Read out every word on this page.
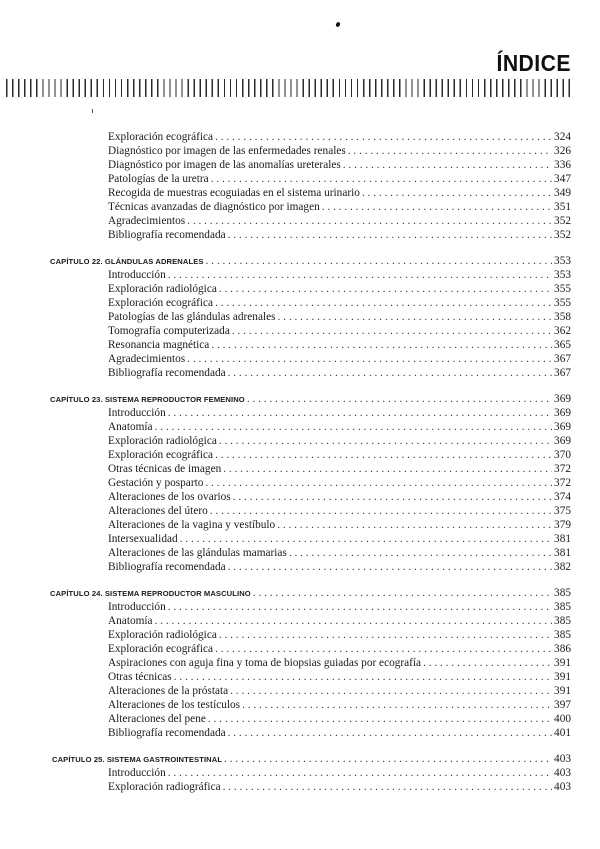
ÍNDICE
Exploración ecográfica . . .	324
Diagnóstico por imagen de las enfermedades renales . . .	326
Diagnóstico por imagen de las anomalías ureterales . . .	336
Patologías de la uretra . . .	347
Recogida de muestras ecoguiadas en el sistema urinario . . .	349
Técnicas avanzadas de diagnóstico por imagen . . .	351
Agradecimientos . . .	352
Bibliografía recomendada . . .	352
CAPÍTULO 22. GLÁNDULAS ADRENALES . . .	353
Introducción . . .	353
Exploración radiológica . . .	355
Exploración ecográfica . . .	355
Patologías de las glándulas adrenales . . .	358
Tomografía computerizada . . .	362
Resonancia magnética . . .	365
Agradecimientos . . .	367
Bibliografía recomendada . . .	367
CAPÍTULO 23. SISTEMA REPRODUCTOR FEMENINO . . .	369
Introducción . . .	369
Anatomía . . .	369
Exploración radiológica . . .	369
Exploración ecográfica . . .	370
Otras técnicas de imagen . . .	372
Gestación y posparto . . .	372
Alteraciones de los ovarios . . .	374
Alteraciones del útero . . .	375
Alteraciones de la vagina y vestíbulo . . .	379
Intersexualidad . . .	381
Alteraciones de las glándulas mamarias . . .	381
Bibliografía recomendada . . .	382
CAPÍTULO 24. SISTEMA REPRODUCTOR MASCULINO . . .	385
Introducción . . .	385
Anatomía . . .	385
Exploración radiológica . . .	385
Exploración ecográfica . . .	386
Aspiraciones con aguja fina y toma de biopsias guiadas por ecografía . . .	391
Otras técnicas . . .	391
Alteraciones de la próstata . . .	391
Alteraciones de los testículos . . .	397
Alteraciones del pene . . .	400
Bibliografía recomendada . . .	401
CAPÍTULO 25. SISTEMA GASTROINTESTINAL . . .	403
Introducción . . .	403
Exploración radiográfica . . .	403
